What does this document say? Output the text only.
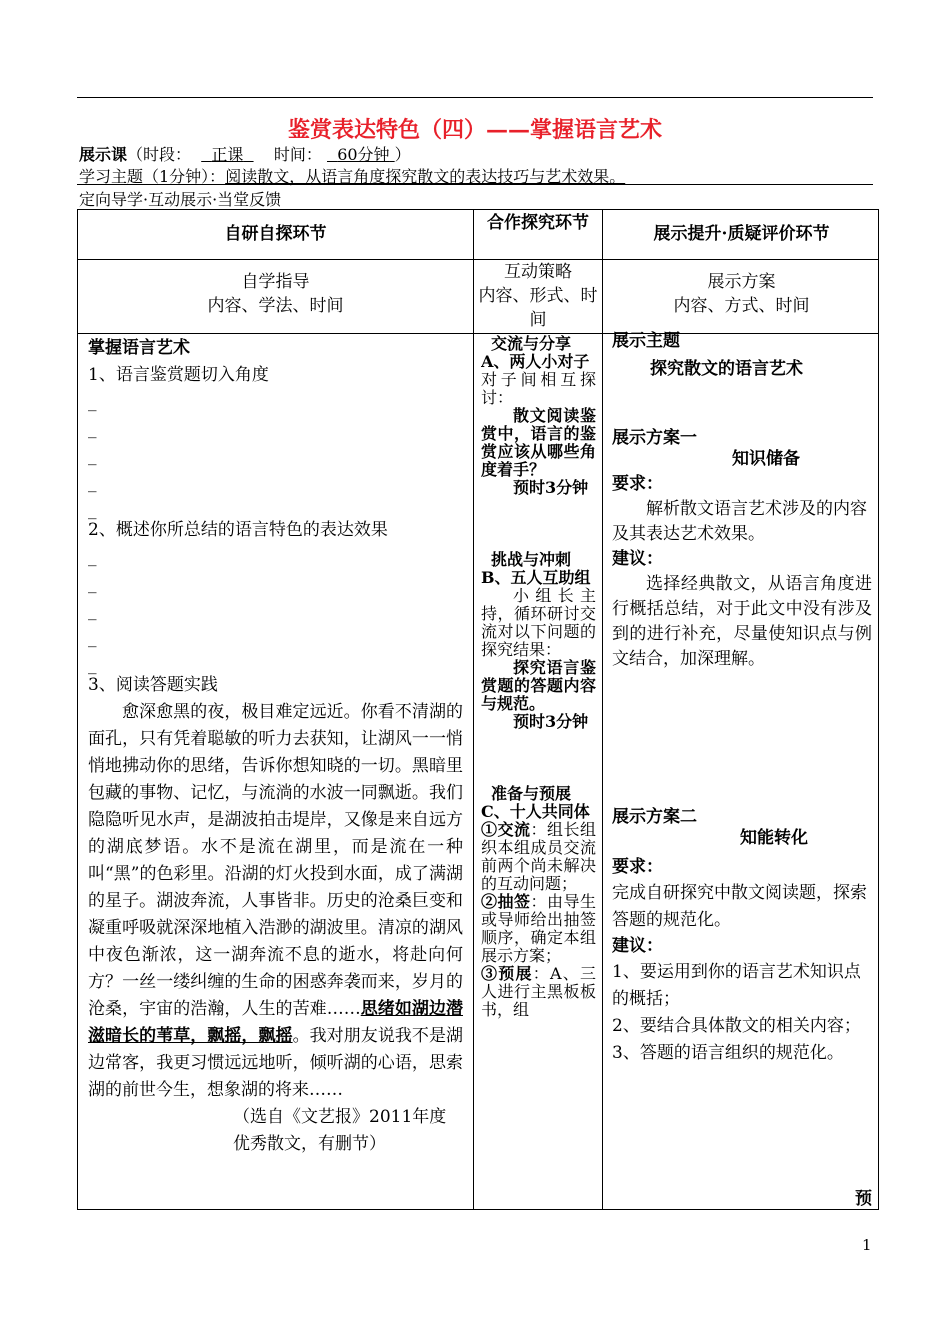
鉴赏表达特色（四）——掌握语言艺术
展示课（时段： 正课 时间： 60分钟 ）
学习主题（1分钟）：阅读散文，从语言角度探究散文的表达技巧与艺术效果。
定向导学·互动展示·当堂反馈
自研自探环节
合作探究环节
展示提升·质疑评价环节
自学指导
内容、学法、时间
互动策略
内容、形式、时间
展示方案
内容、方式、时间
掌握语言艺术
1、语言鉴赏题切入角度
_
_
_
_
_
2、概述你所总结的语言特色的表达效果
_
_
_
_
_
3、阅读答题实践
愈深愈黑的夜，极目难定远近。你看不清湖的面孔，只有凭着聪敏的听力去获知，让湖风一一悄悄地拂动你的思绪，告诉你想知晓的一切。黑暗里包藏的事物、记忆，与流淌的水波一同飘逝。我们隐隐听见水声，是湖波拍击堤岸，又像是来自远方的湖底梦语。水不是流在湖里，而是流在一种叫“黑”的色彩里。沿湖的灯火投到水面，成了满湖的星子。湖波奔流，人事皆非。历史的沧桑巨变和凝重呼吸就深深地植入浩渺的湖波里。清凉的湖风中夜色渐浓，这一湖奔流不息的逝水，将赴向何方？一丝一缕纠缠的生命的困惑奔袭而来，岁月的沧桑，宇宙的浩瀚，人生的苦难……思绪如湖边潜滋暗长的苇草，飘摇，飘摇。我对朋友说我不是湖边常客，我更习惯远远地听，倾听湖的心语，思索湖的前世今生，想象湖的将来……
（选自《文艺报》2011年度优秀散文，有删节）

交流与分享

A、两人小对子

对子间相互探讨：

散文阅读鉴赏中，语言的鉴赏应该从哪些角度着手？

预时3分钟

挑战与冲刺

B、五人互助组

小组长主持，循环研讨交流对以下问题的探究结果：

探究语言鉴赏题的答题内容与规范。

预时3分钟

准备与预展

C、十人共同体

①交流：组长组织本组成员交流前两个尚未解决的互动问题；

②抽签：由导生或导师给出抽签顺序，确定本组展示方案；

③预展：A、三人进行主黑板板书，组

展示主题

探究散文的语言艺术

展示方案一

知识储备

要求：

解析散文语言艺术涉及的内容及其表达艺术效果。

建议：

选择经典散文，从语言角度进行概括总结，对于此文中没有涉及到的进行补充，尽量使知识点与例文结合，加深理解。

展示方案二

知能转化

要求：

完成自研探究中散文阅读题，探索答题的规范化。

建议：

1、要运用到你的语言艺术知识点的概括；

2、要结合具体散文的相关内容；

3、答题的语言组织的规范化。

预

1
